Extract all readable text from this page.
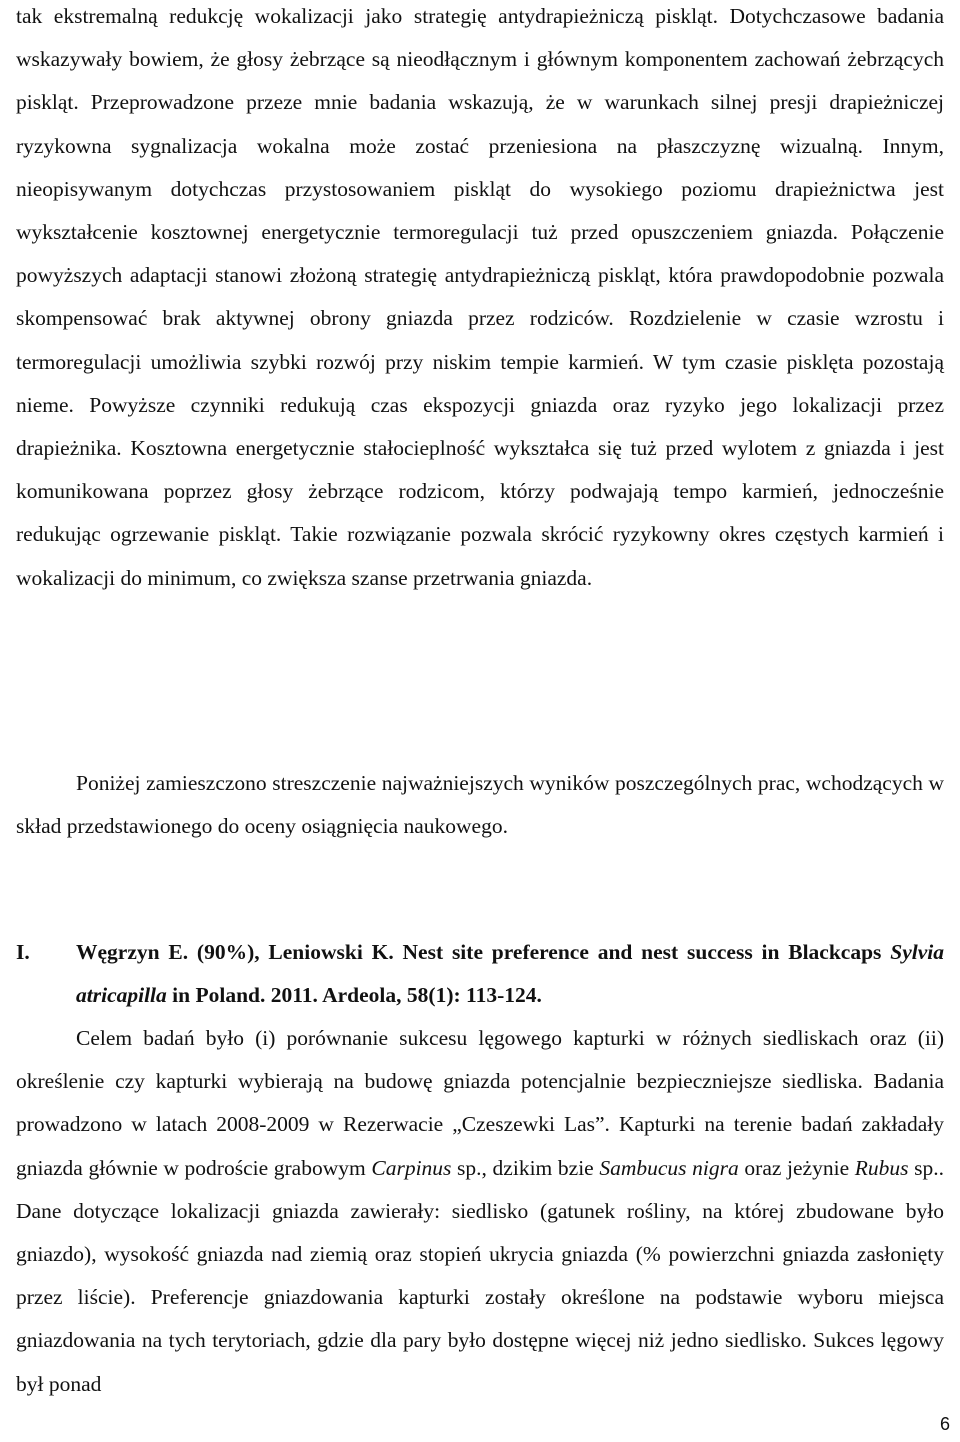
tak ekstremalną redukcję wokalizacji jako strategię antydrapieżniczą piskląt. Dotychczasowe badania wskazywały bowiem, że głosy żebrzące są nieodłącznym i głównym komponentem zachowań żebrzących piskląt. Przeprowadzone przeze mnie badania wskazują, że w warunkach silnej presji drapieżniczej ryzykowna sygnalizacja wokalna może zostać przeniesiona na płaszczyznę wizualną. Innym, nieopisywanym dotychczas przystosowaniem piskląt do wysokiego poziomu drapieżnictwa jest wykształcenie kosztownej energetycznie termoregulacji tuż przed opuszczeniem gniazda. Połączenie powyższych adaptacji stanowi złożoną strategię antydrapieżniczą piskląt, która prawdopodobnie pozwala skompensować brak aktywnej obrony gniazda przez rodziców. Rozdzielenie w czasie wzrostu i termoregulacji umożliwia szybki rozwój przy niskim tempie karmień. W tym czasie pisklęta pozostają nieme. Powyższe czynniki redukują czas ekspozycji gniazda oraz ryzyko jego lokalizacji przez drapieżnika. Kosztowna energetycznie stałocieplność wykształca się tuż przed wylotem z gniazda i jest komunikowana poprzez głosy żebrzące rodzicom, którzy podwajają tempo karmień, jednocześnie redukując ogrzewanie piskląt. Takie rozwiązanie pozwala skrócić ryzykowny okres częstych karmień i wokalizacji do minimum, co zwiększa szanse przetrwania gniazda.

Poniżej zamieszczono streszczenie najważniejszych wyników poszczególnych prac, wchodzących w skład przedstawionego do oceny osiągnięcia naukowego.

I.	Węgrzyn E. (90%), Leniowski K. Nest site preference and nest success in Blackcaps Sylvia atricapilla in Poland. 2011. Ardeola, 58(1): 113-124.

Celem badań było (i) porównanie sukcesu lęgowego kapturki w różnych siedliskach oraz (ii) określenie czy kapturki wybierają na budowę gniazda potencjalnie bezpieczniejsze siedliska. Badania prowadzono w latach 2008-2009 w Rezerwacie „Czeszewki Las”. Kapturki na terenie badań zakładały gniazda głównie w podroście grabowym Carpinus sp., dzikim bzie Sambucus nigra oraz jeżynie Rubus sp.. Dane dotyczące lokalizacji gniazda zawierały: siedlisko (gatunek rośliny, na której zbudowane było gniazdo), wysokość gniazda nad ziemią oraz stopień ukrycia gniazda (% powierzchni gniazda zasłonięty przez liście). Preferencje gniazdowania kapturki zostały określone na podstawie wyboru miejsca gniazdowania na tych terytoriach, gdzie dla pary było dostępne więcej niż jedno siedlisko. Sukces lęgowy był ponad

6
